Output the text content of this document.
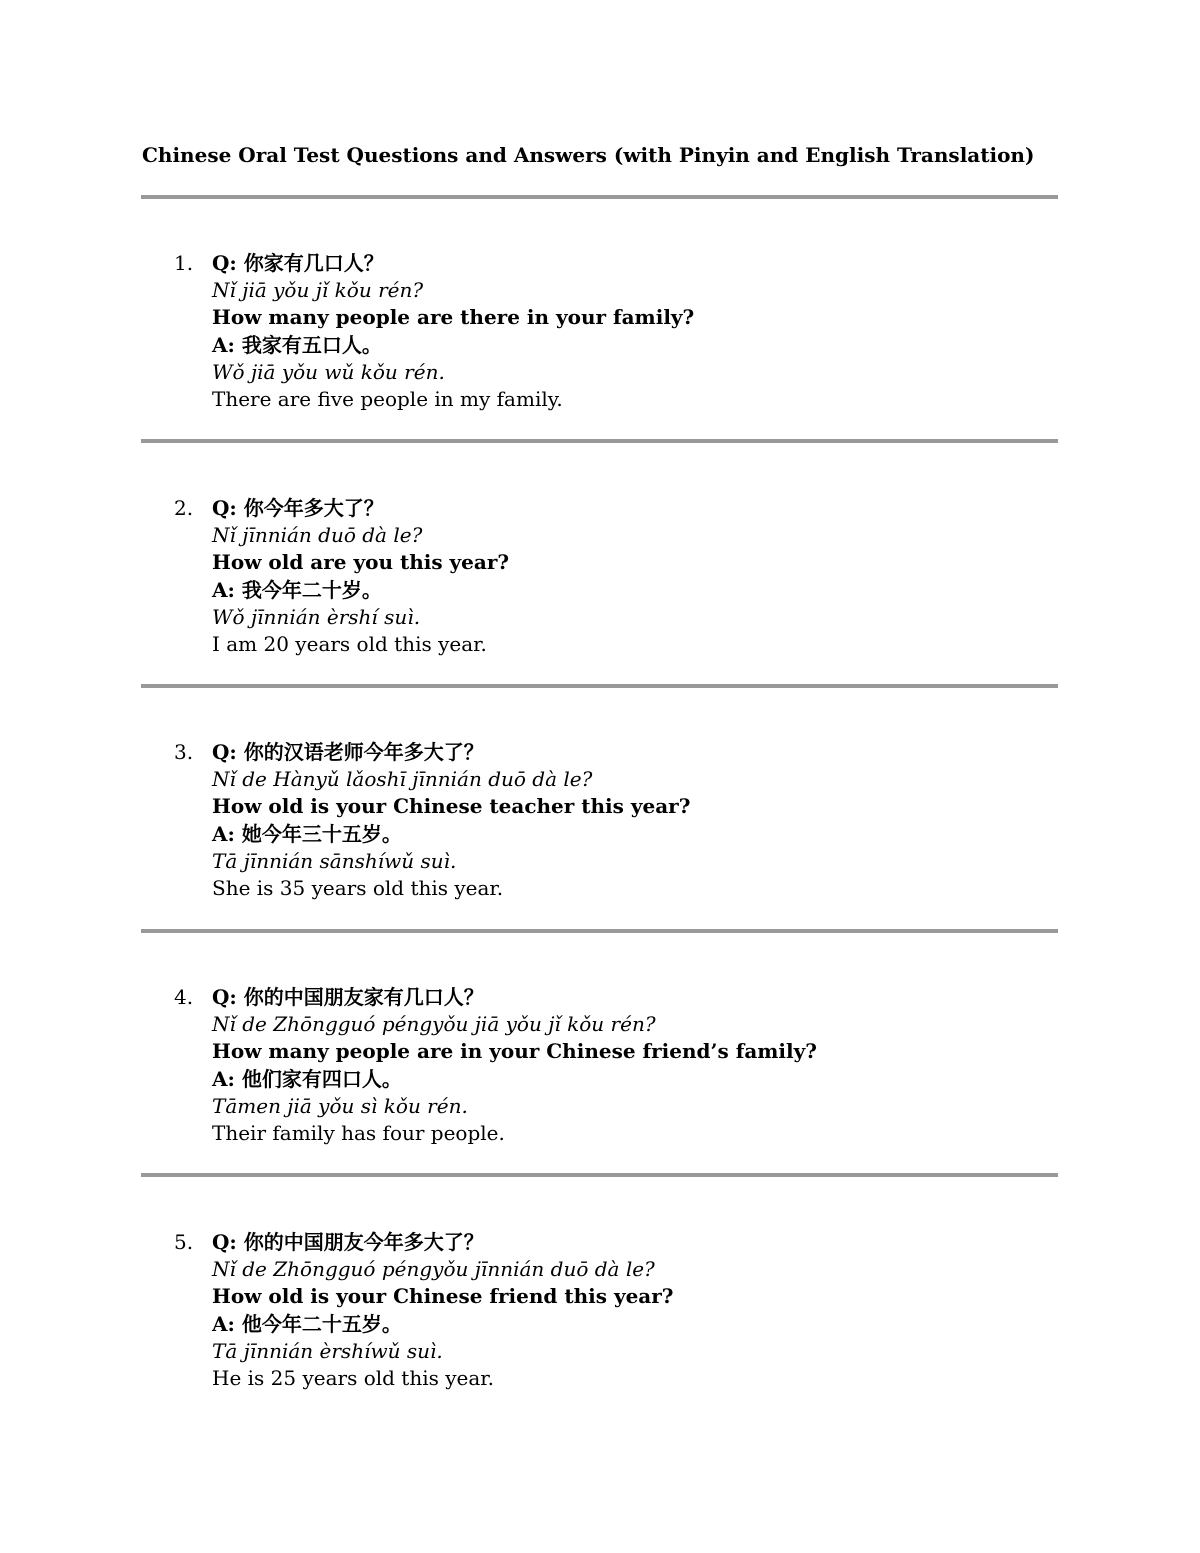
Chinese Oral Test Questions and Answers (with Pinyin and English Translation)
1. Q: 你家有几口人？
Nǐ jiā yǒu jǐ kǒu rén?
How many people are there in your family?
A: 我家有五口人。
Wǒ jiā yǒu wǔ kǒu rén.
There are five people in my family.
2. Q: 你今年多大了？
Nǐ jīnnián duō dà le?
How old are you this year?
A: 我今年二十岁。
Wǒ jīnnián èrshí suì.
I am 20 years old this year.
3. Q: 你的汉语老师今年多大了？
Nǐ de Hànyǔ lǎoshī jīnnián duō dà le?
How old is your Chinese teacher this year?
A: 她今年三十五岁。
Tā jīnnián sānshíwǔ suì.
She is 35 years old this year.
4. Q: 你的中国朋友家有几口人？
Nǐ de Zhōngguó péngyǒu jiā yǒu jǐ kǒu rén?
How many people are in your Chinese friend’s family?
A: 他们家有四口人。
Tāmen jiā yǒu sì kǒu rén.
Their family has four people.
5. Q: 你的中国朋友今年多大了？
Nǐ de Zhōngguó péngyǒu jīnnián duō dà le?
How old is your Chinese friend this year?
A: 他今年二十五岁。
Tā jīnnián èrshíwǔ suì.
He is 25 years old this year.
